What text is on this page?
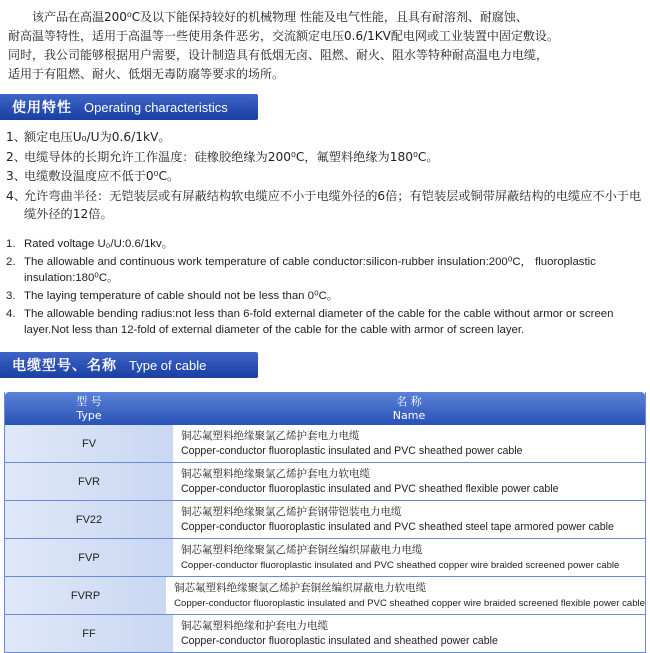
该产品在高温200⁰C及以下能保持较好的机械物理 性能及电气性能，且具有耐溶剂、耐腐蚀、

耐高温等特性，适用于高温等一些使用条件恶劣，交流额定电压0.6/1KV配电网或工业装置中固定敷设。

同时，我公司能够根据用户需要，设计制造具有低烟无卤、阻燃、耐火、阻水等特种耐高温电力电缆，

适用于有阻燃、耐火、低烟无毒防腐等要求的场所。

使用特性 Operating characteristics
1、
额定电压U₀/U为0.6/1kV。
2、
电缆导体的长期允许工作温度：硅橡胶绝缘为200⁰C，氟塑料绝缘为180⁰C。
3、
电缆敷设温度应不低于0⁰C。
4、
允许弯曲半径：无铠装层或有屏蔽结构软电缆应不小于电缆外径的6倍；有铠装层或铜带屏蔽结构的电缆应不小于电缆外径的12倍。
1. Rated voltage U₀/U:0.6/1kv。
2. The allowable and continuous work temperature of cable conductor:silicon-rubber insulation:200⁰C， fluoroplastic insulation:180⁰C。
3. The laying temperature of cable should not be less than 0⁰C。
4. The allowable bending radius:not less than 6-fold external diameter of the cable for the cable without armor or screen layer.Not less than 12-fold of external diameter of the cable for the cable with armor of screen layer.
电缆型号、名称 Type of cable
型 号
Type
名 称
Name
FV
铜芯氟塑料绝缘聚氯乙烯护套电力电缆
Copper-conductor fluoroplastic insulated and PVC sheathed power cable
FVR
铜芯氟塑料绝缘聚氯乙烯护套电力软电缆
Copper-conductor fluoroplastic insulated and PVC sheathed flexible power cable
FV22
铜芯氟塑料绝缘聚氯乙烯护套钢带铠装电力电缆
Copper-conductor fluoroplastic insulated and PVC sheathed steel tape armored power cable
FVP
铜芯氟塑料绝缘聚氯乙烯护套铜丝编织屏蔽电力电缆
Copper-conductor fluoroplastic insulated and PVC sheathed copper wire braided screened power cable
FVRP
铜芯氟塑料绝缘聚氯乙烯护套铜丝编织屏蔽电力软电缆
Copper-conductor fluoroplastic insulated and PVC sheathed copper wire braided screened flexible power cable
FF
铜芯氟塑料绝缘和护套电力电缆
Copper-conductor fluoroplastic insulated and sheathed power cable
